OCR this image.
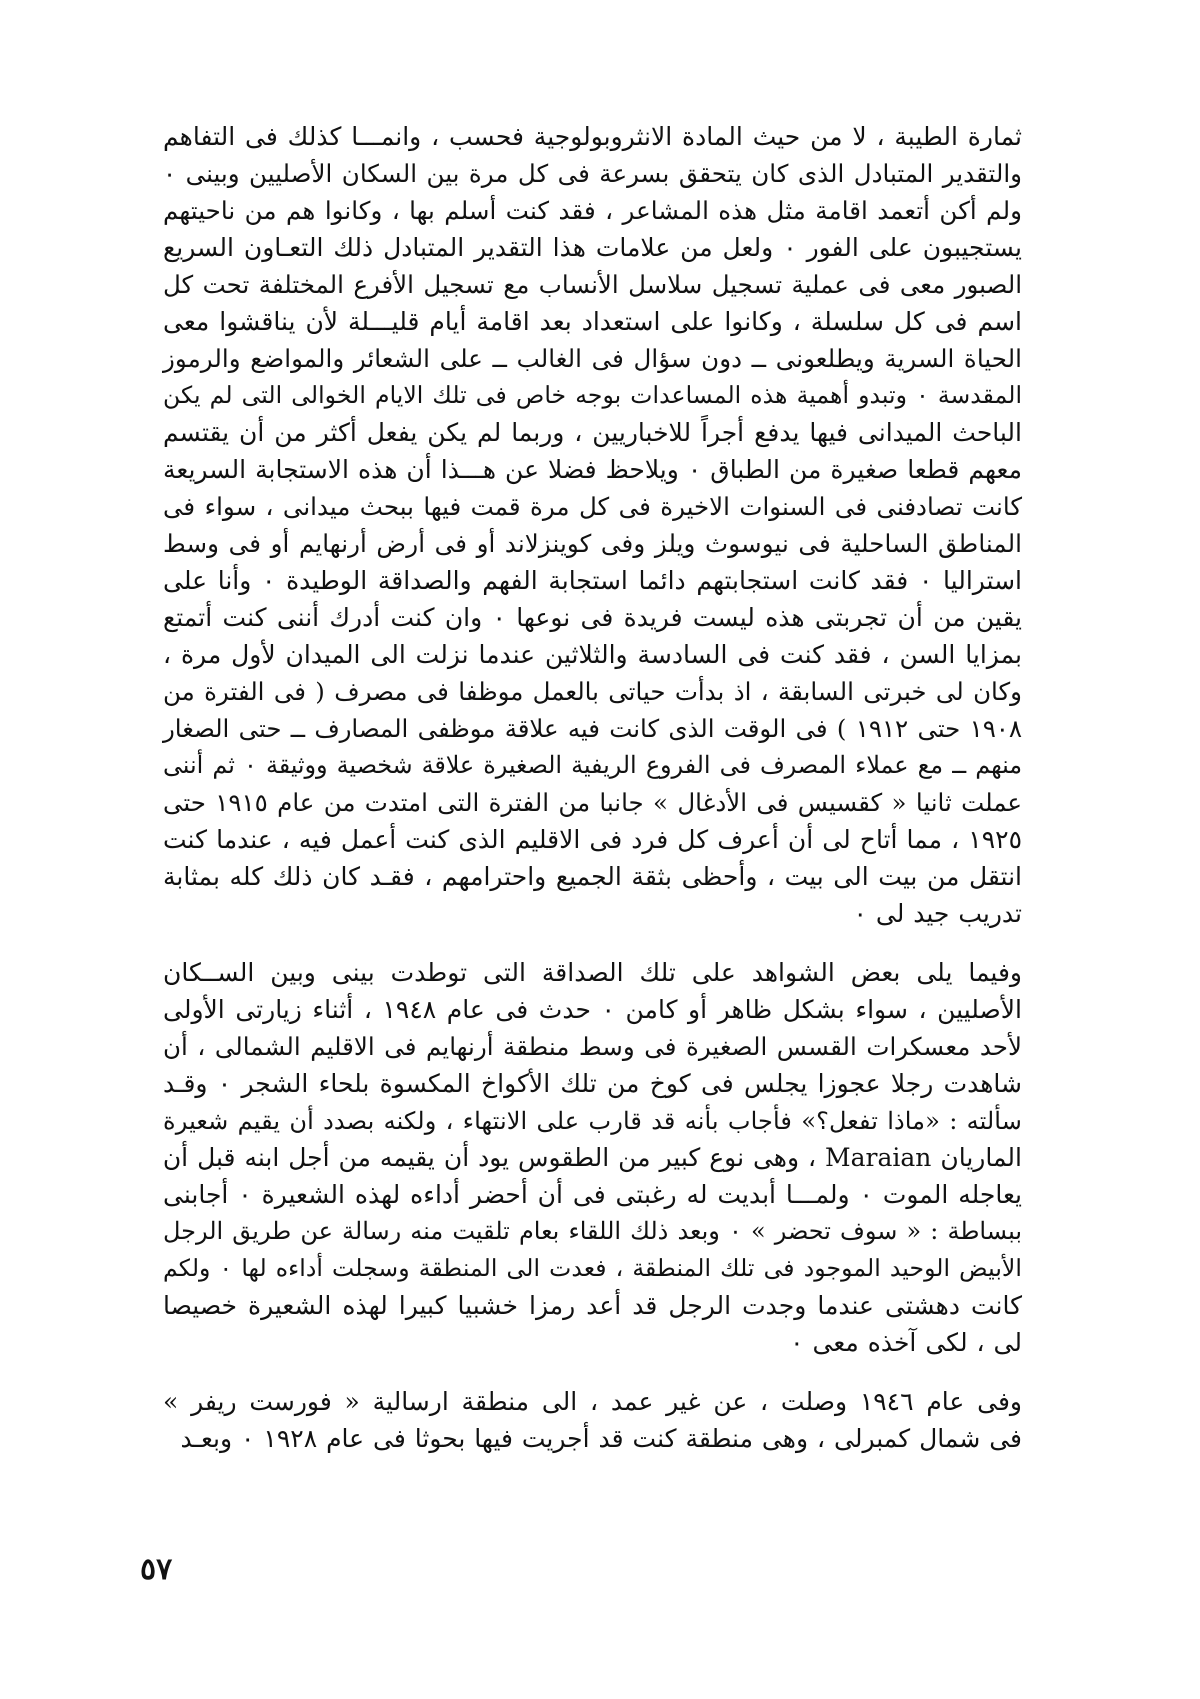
ثمارة الطيبة ، لا من حيث المادة الانثروبولوجية فحسب ، وانمـــا كذلك فى التفاهم
والتقدير المتبادل الذى كان يتحقق بسرعة فى كل مرة بين السكان الأصليين وبينى ٠
ولم أكن أتعمد اقامة مثل هذه المشاعر ، فقد كنت أسلم بها ، وكانوا هم من ناحيتهم
يستجيبون على الفور ٠ ولعل من علامات هذا التقدير المتبادل ذلك التعـاون السريع
الصبور معى فى عملية تسجيل سلاسل الأنساب مع تسجيل الأفرع المختلفة تحت كل
اسم فى كل سلسلة ، وكانوا على استعداد بعد اقامة أيام قليـــلة لأن يناقشوا معى
الحياة السرية ويطلعونى ــ دون سؤال فى الغالب ــ على الشعائر والمواضع والرموز
المقدسة ٠ وتبدو أهمية هذه المساعدات بوجه خاص فى تلك الايام الخوالى التى لم يكن
الباحث الميدانى فيها يدفع أجراً للاخباريين ، وربما لم يكن يفعل أكثر من أن يقتسم
معهم قطعا صغيرة من الطباق ٠ ويلاحظ فضلا عن هـــذا أن هذه الاستجابة السريعة
كانت تصادفنى فى السنوات الاخيرة فى كل مرة قمت فيها ببحث ميدانى ، سواء فى
المناطق الساحلية فى نيوسوث ويلز وفى كوينزلاند أو فى أرض أرنهايم أو فى وسط
استراليا ٠ فقد كانت استجابتهم دائما استجابة الفهم والصداقة الوطيدة ٠ وأنا على
يقين من أن تجربتى هذه ليست فريدة فى نوعها ٠ وان كنت أدرك أننى كنت أتمتع
بمزايا السن ، فقد كنت فى السادسة والثلاثين عندما نزلت الى الميدان لأول مرة ،
وكان لى خبرتى السابقة ، اذ بدأت حياتى بالعمل موظفا فى مصرف ( فى الفترة من
١٩٠٨ حتى ١٩١٢ ) فى الوقت الذى كانت فيه علاقة موظفى المصارف ــ حتى الصغار
منهم ــ مع عملاء المصرف فى الفروع الريفية الصغيرة علاقة شخصية ووثيقة ٠ ثم أننى
عملت ثانيا « كقسيس فى الأدغال » جانبا من الفترة التى امتدت من عام ١٩١٥ حتى
١٩٢٥ ، مما أتاح لى أن أعرف كل فرد فى الاقليم الذى كنت أعمل فيه ، عندما كنت
انتقل من بيت الى بيت ، وأحظى بثقة الجميع واحترامهم ، فقـد كان ذلك كله بمثابة
تدريب جيد لى ٠

وفيما يلى بعض الشواهد على تلك الصداقة التى توطدت بينى وبين الســكان
الأصليين ، سواء بشكل ظاهر أو كامن ٠ حدث فى عام ١٩٤٨ ، أثناء زيارتى الأولى
لأحد معسكرات القسس الصغيرة فى وسط منطقة أرنهايم فى الاقليم الشمالى ، أن
شاهدت رجلا عجوزا يجلس فى كوخ من تلك الأكواخ المكسوة بلحاء الشجر ٠ وقـد
سألته : «ماذا تفعل؟» فأجاب بأنه قد قارب على الانتهاء ، ولكنه بصدد أن يقيم شعيرة
الماريان Maraian ، وهى نوع كبير من الطقوس يود أن يقيمه من أجل ابنه قبل أن
يعاجله الموت ٠ ولمـــا أبديت له رغبتى فى أن أحضر أداءه لهذه الشعيرة ٠ أجابنى
ببساطة : « سوف تحضر » ٠ وبعد ذلك اللقاء بعام تلقيت منه رسالة عن طريق الرجل
الأبيض الوحيد الموجود فى تلك المنطقة ، فعدت الى المنطقة وسجلت أداءه لها ٠ ولكم
كانت دهشتى عندما وجدت الرجل قد أعد رمزا خشبيا كبيرا لهذه الشعيرة خصيصا
لى ، لكى آخذه معى ٠

وفى عام ١٩٤٦ وصلت ، عن غير عمد ، الى منطقة ارسالية « فورست ريفر »
فى شمال كمبرلى ، وهى منطقة كنت قد أجريت فيها بحوثا فى عام ١٩٢٨ ٠ وبعـد

٥٧
